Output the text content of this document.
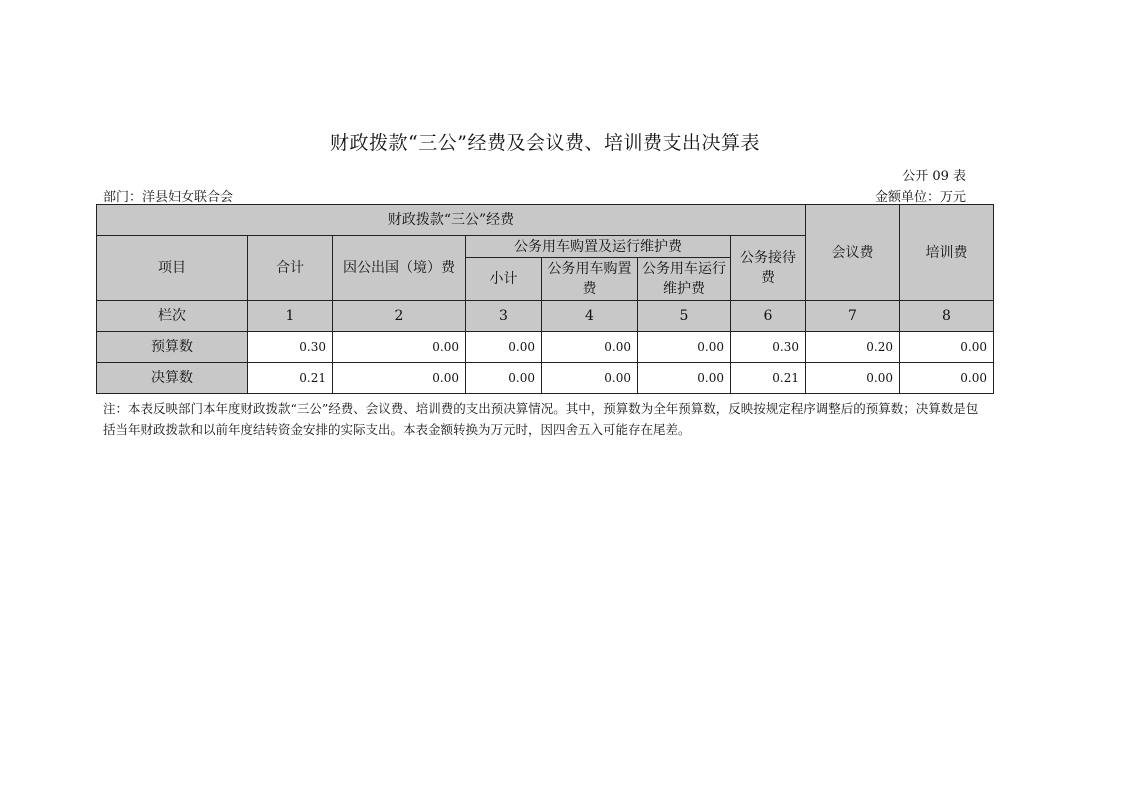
财政拨款“三公”经费及会议费、培训费支出决算表
公开 09 表
部门：洋县妇女联合会	金额单位：万元
财政拨款“三公”经费							会议费	培训费
项目	合计	因公出国（境）费	公务用车购置及运行维护费			公务接待费		
			小计	公务用车购置费	公务用车运行维护费			
栏次	1	2	3	4	5	6	7	8
预算数	0.30	0.00	0.00	0.00	0.00	0.30	0.20	0.00
决算数	0.21	0.00	0.00	0.00	0.00	0.21	0.00	0.00
注：本表反映部门本年度财政拨款“三公”经费、会议费、培训费的支出预决算情况。其中，预算数为全年预算数，反映按规定程序调整后的预算数；决算数是包括当年财政拨款和以前年度结转资金安排的实际支出。本表金额转换为万元时，因四舍五入可能存在尾差。
